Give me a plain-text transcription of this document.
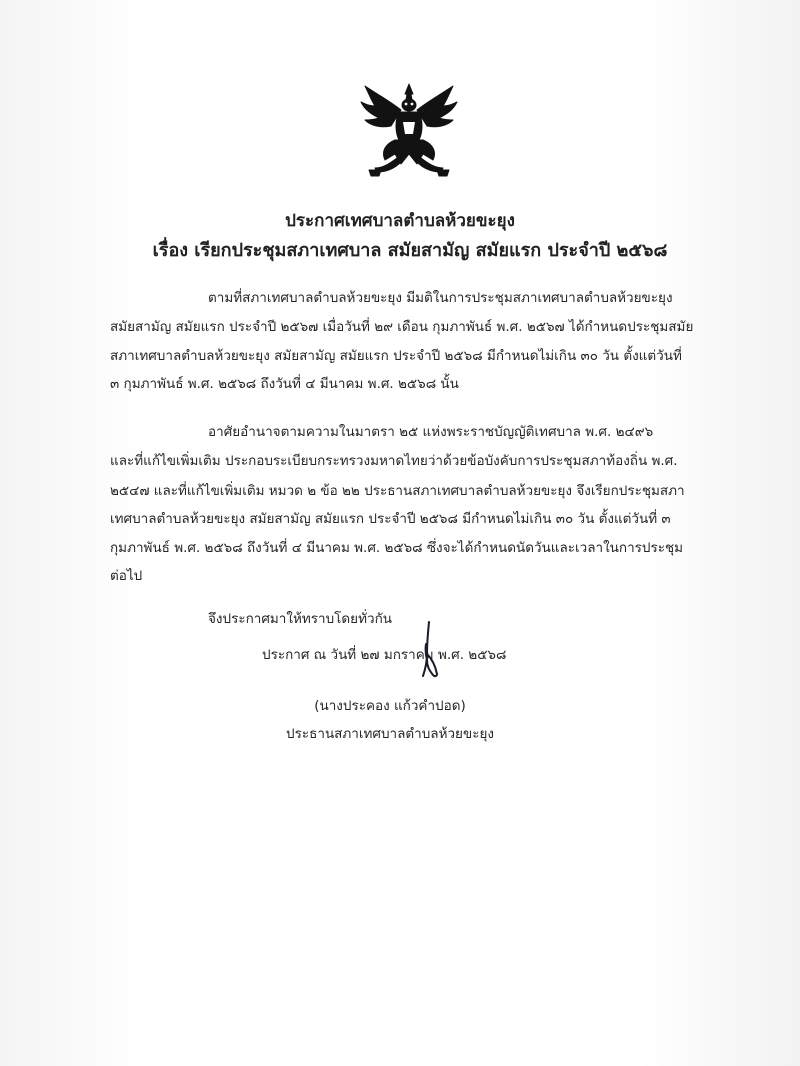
ประกาศเทศบาลตำบลห้วยขะยุง
เรื่อง เรียกประชุมสภาเทศบาล สมัยสามัญ สมัยแรก ประจำปี ๒๕๖๘
ตามที่สภาเทศบาลตำบลห้วยขะยุง มีมติในการประชุมสภาเทศบาลตำบลห้วยขะยุง
สมัยสามัญ สมัยแรก ประจำปี ๒๕๖๗ เมื่อวันที่ ๒๙ เดือน กุมภาพันธ์ พ.ศ. ๒๕๖๗ ได้กำหนดประชุมสมัย
สภาเทศบาลตำบลห้วยขะยุง สมัยสามัญ สมัยแรก ประจำปี ๒๕๖๘ มีกำหนดไม่เกิน ๓๐ วัน ตั้งแต่วันที่
๓ กุมภาพันธ์ พ.ศ. ๒๕๖๘ ถึงวันที่ ๔ มีนาคม พ.ศ. ๒๕๖๘ นั้น
อาศัยอำนาจตามความในมาตรา ๒๕ แห่งพระราชบัญญัติเทศบาล พ.ศ. ๒๔๙๖
และที่แก้ไขเพิ่มเติม ประกอบระเบียบกระทรวงมหาดไทยว่าด้วยข้อบังคับการประชุมสภาท้องถิ่น พ.ศ.
๒๕๔๗ และที่แก้ไขเพิ่มเติม หมวด ๒ ข้อ ๒๒ ประธานสภาเทศบาลตำบลห้วยขะยุง จึงเรียกประชุมสภา
เทศบาลตำบลห้วยขะยุง สมัยสามัญ สมัยแรก ประจำปี ๒๕๖๘ มีกำหนดไม่เกิน ๓๐ วัน ตั้งแต่วันที่ ๓
กุมภาพันธ์ พ.ศ. ๒๕๖๘ ถึงวันที่ ๔ มีนาคม พ.ศ. ๒๕๖๘ ซึ่งจะได้กำหนดนัดวันและเวลาในการประชุม
ต่อไป
จึงประกาศมาให้ทราบโดยทั่วกัน
ประกาศ ณ วันที่ ๒๗ มกราคม พ.ศ. ๒๕๖๘
(นางประคอง แก้วคำปอด)
ประธานสภาเทศบาลตำบลห้วยขะยุง
